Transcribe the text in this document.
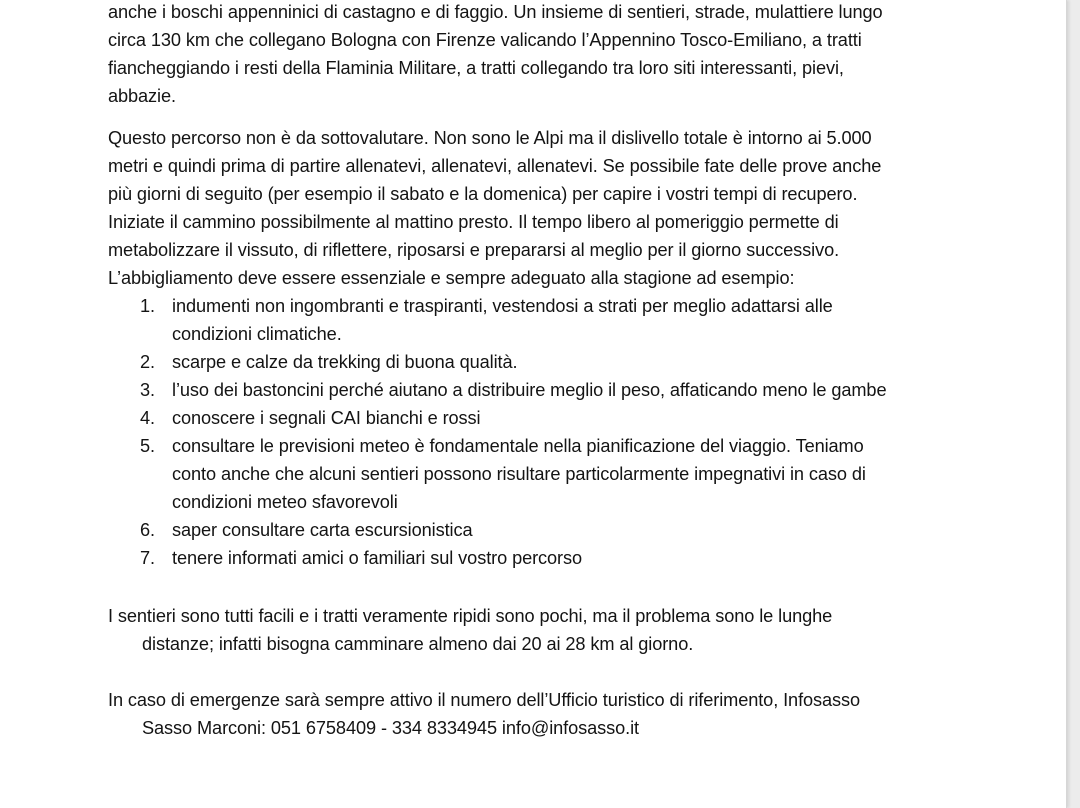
anche i boschi appenninici di castagno e di faggio. Un insieme di sentieri, strade, mulattiere lungo
circa 130 km che collegano Bologna con Firenze valicando l’Appennino Tosco-Emiliano, a tratti
fiancheggiando i resti della Flaminia Militare, a tratti collegando tra loro siti interessanti, pievi,
abbazie.

Questo percorso non è da sottovalutare. Non sono le Alpi ma il dislivello totale è intorno ai 5.000
metri e quindi prima di partire allenatevi, allenatevi, allenatevi. Se possibile fate delle prove anche
più giorni di seguito (per esempio il sabato e la domenica) per capire i vostri tempi di recupero.
Iniziate il cammino possibilmente al mattino presto. Il tempo libero al pomeriggio permette di
metabolizzare il vissuto, di riflettere, riposarsi e prepararsi al meglio per il giorno successivo.
L’abbigliamento deve essere essenziale e sempre adeguato alla stagione ad esempio:

1. indumenti non ingombranti e traspiranti, vestendosi a strati per meglio adattarsi alle
condizioni climatiche.
2. scarpe e calze da trekking di buona qualità.
3. l’uso dei bastoncini perché aiutano a distribuire meglio il peso, affaticando meno le gambe
4. conoscere i segnali CAI bianchi e rossi
5. consultare le previsioni meteo è fondamentale nella pianificazione del viaggio. Teniamo
conto anche che alcuni sentieri possono risultare particolarmente impegnativi in caso di
condizioni meteo sfavorevoli
6. saper consultare carta escursionistica
7. tenere informati amici o familiari sul vostro percorso

I sentieri sono tutti facili e i tratti veramente ripidi sono pochi, ma il problema sono le lunghe
distanze; infatti bisogna camminare almeno dai 20 ai 28 km al giorno.

In caso di emergenze sarà sempre attivo il numero dell’Ufficio turistico di riferimento, Infosasso
Sasso Marconi: 051 6758409 - 334 8334945 info@infosasso.it
